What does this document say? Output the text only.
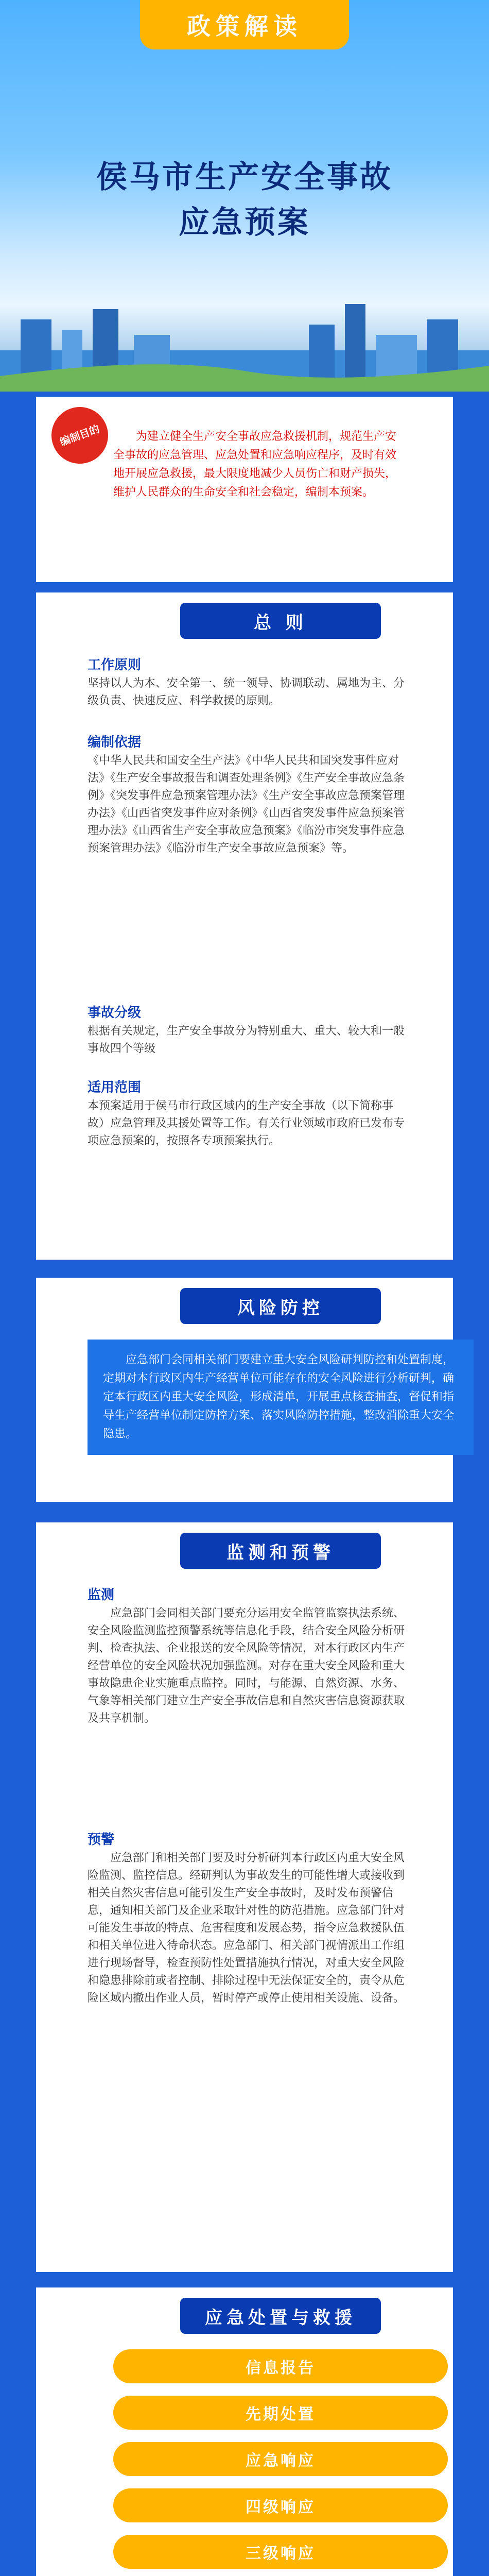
政策解读
侯马市生产安全事故
应急预案
编制目的	为建立健全生产安全事故应急救援机制，规范生产安全事故的应急管理、应急处置和应急响应程序，及时有效地开展应急救援，最大限度地减少人员伤亡和财产损失，维护人民群众的生命安全和社会稳定，编制本预案。
总 则
工作原则
坚持以人为本、安全第一、统一领导、协调联动、属地为主、分级负责、快速反应、科学救援的原则。
编制依据
《中华人民共和国安全生产法》《中华人民共和国突发事件应对法》《生产安全事故报告和调查处理条例》《生产安全事故应急条例》《突发事件应急预案管理办法》《生产安全事故应急预案管理办法》《山西省突发事件应对条例》《山西省突发事件应急预案管理办法》《山西省生产安全事故应急预案》《临汾市突发事件应急预案管理办法》《临汾市生产安全事故应急预案》等。
事故分级
根据有关规定，生产安全事故分为特别重大、重大、较大和一般事故四个等级
适用范围
本预案适用于侯马市行政区域内的生产安全事故（以下简称事故）应急管理及其援处置等工作。有关行业领域市政府已发布专项应急预案的，按照各专项预案执行。
风险防控
应急部门会同相关部门要建立重大安全风险研判防控和处置制度，定期对本行政区内生产经营单位可能存在的安全风险进行分析研判，确定本行政区内重大安全风险，形成清单，开展重点核查抽查，督促和指导生产经营单位制定防控方案、落实风险防控措施，整改消除重大安全隐患。
监测和预警
监测
应急部门会同相关部门要充分运用安全监管监察执法系统、安全风险监测监控预警系统等信息化手段，结合安全风险分析研判、检查执法、企业报送的安全风险等情况，对本行政区内生产经营单位的安全风险状况加强监测。对存在重大安全风险和重大事故隐患企业实施重点监控。同时，与能源、自然资源、水务、气象等相关部门建立生产安全事故信息和自然灾害信息资源获取及共享机制。
预警
应急部门和相关部门要及时分析研判本行政区内重大安全风险监测、监控信息。经研判认为事故发生的可能性增大或接收到相关自然灾害信息可能引发生产安全事故时，及时发布预警信息，通知相关部门及企业采取针对性的防范措施。应急部门针对可能发生事故的特点、危害程度和发展态势，指令应急救援队伍和相关单位进入待命状态。应急部门、相关部门视情派出工作组进行现场督导，检查预防性处置措施执行情况，对重大安全风险和隐患排除前或者控制、排除过程中无法保证安全的，责令从危险区域内撤出作业人员，暂时停产或停止使用相关设施、设备。
应急处置与救援
信息报告
先期处置
应急响应
四级响应
三级响应
